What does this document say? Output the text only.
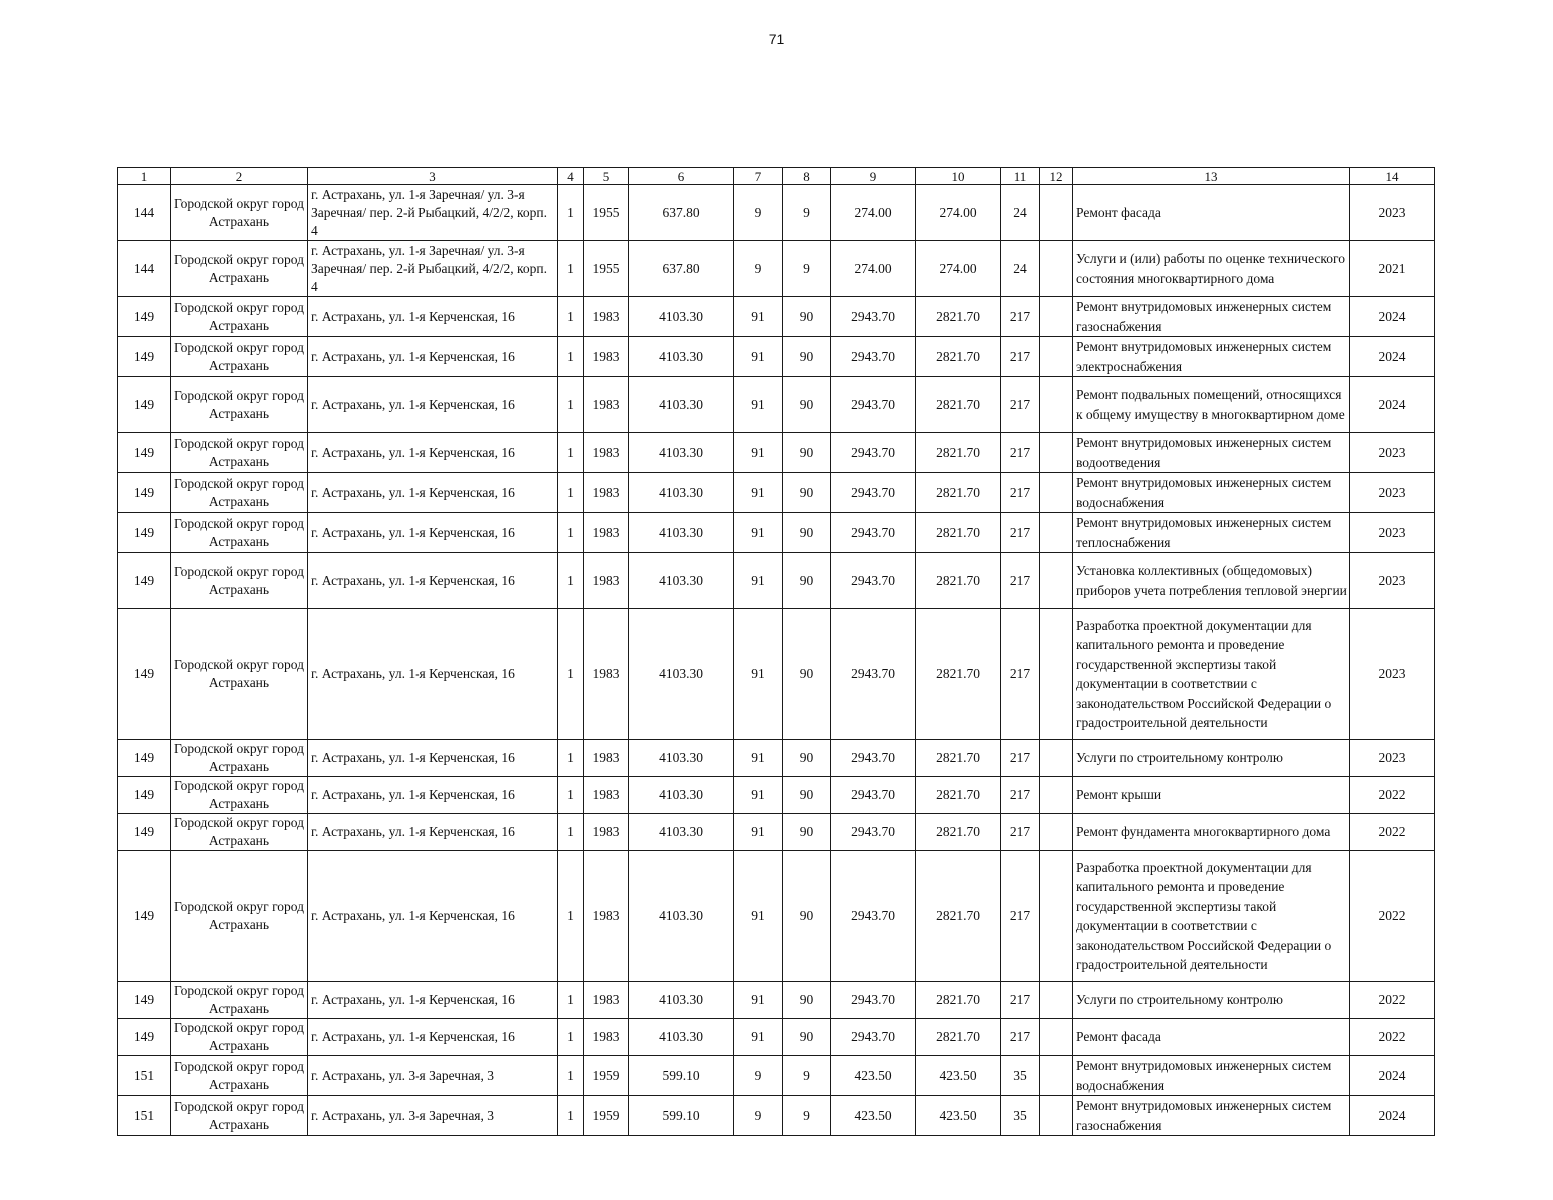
71
1	2	3	4	5	6	7	8	9	10	11	12	13	14
144	Городской округ город Астрахань	г. Астрахань, ул. 1-я Заречная/ ул. 3-я Заречная/ пер. 2-й Рыбацкий, 4/2/2, корп. 4	1	1955	637.80	9	9	274.00	274.00	24		Ремонт фасада	2023
144	Городской округ город Астрахань	г. Астрахань, ул. 1-я Заречная/ ул. 3-я Заречная/ пер. 2-й Рыбацкий, 4/2/2, корп. 4	1	1955	637.80	9	9	274.00	274.00	24		Услуги и (или) работы по оценке технического состояния многоквартирного дома	2021
149	Городской округ город Астрахань	г. Астрахань, ул. 1-я Керченская, 16	1	1983	4103.30	91	90	2943.70	2821.70	217		Ремонт внутридомовых инженерных систем газоснабжения	2024
149	Городской округ город Астрахань	г. Астрахань, ул. 1-я Керченская, 16	1	1983	4103.30	91	90	2943.70	2821.70	217		Ремонт внутридомовых инженерных систем электроснабжения	2024
149	Городской округ город Астрахань	г. Астрахань, ул. 1-я Керченская, 16	1	1983	4103.30	91	90	2943.70	2821.70	217		Ремонт подвальных помещений, относящихся к общему имуществу в многоквартирном доме	2024
149	Городской округ город Астрахань	г. Астрахань, ул. 1-я Керченская, 16	1	1983	4103.30	91	90	2943.70	2821.70	217		Ремонт внутридомовых инженерных систем водоотведения	2023
149	Городской округ город Астрахань	г. Астрахань, ул. 1-я Керченская, 16	1	1983	4103.30	91	90	2943.70	2821.70	217		Ремонт внутридомовых инженерных систем водоснабжения	2023
149	Городской округ город Астрахань	г. Астрахань, ул. 1-я Керченская, 16	1	1983	4103.30	91	90	2943.70	2821.70	217		Ремонт внутридомовых инженерных систем теплоснабжения	2023
149	Городской округ город Астрахань	г. Астрахань, ул. 1-я Керченская, 16	1	1983	4103.30	91	90	2943.70	2821.70	217		Установка коллективных (общедомовых) приборов учета потребления тепловой энергии	2023
149	Городской округ город Астрахань	г. Астрахань, ул. 1-я Керченская, 16	1	1983	4103.30	91	90	2943.70	2821.70	217		Разработка проектной документации для капитального ремонта и проведение государственной экспертизы такой документации в соответствии с законодательством Российской Федерации о градостроительной деятельности	2023
149	Городской округ город Астрахань	г. Астрахань, ул. 1-я Керченская, 16	1	1983	4103.30	91	90	2943.70	2821.70	217		Услуги по строительному контролю	2023
149	Городской округ город Астрахань	г. Астрахань, ул. 1-я Керченская, 16	1	1983	4103.30	91	90	2943.70	2821.70	217		Ремонт крыши	2022
149	Городской округ город Астрахань	г. Астрахань, ул. 1-я Керченская, 16	1	1983	4103.30	91	90	2943.70	2821.70	217		Ремонт фундамента многоквартирного дома	2022
149	Городской округ город Астрахань	г. Астрахань, ул. 1-я Керченская, 16	1	1983	4103.30	91	90	2943.70	2821.70	217		Разработка проектной документации для капитального ремонта и проведение государственной экспертизы такой документации в соответствии с законодательством Российской Федерации о градостроительной деятельности	2022
149	Городской округ город Астрахань	г. Астрахань, ул. 1-я Керченская, 16	1	1983	4103.30	91	90	2943.70	2821.70	217		Услуги по строительному контролю	2022
149	Городской округ город Астрахань	г. Астрахань, ул. 1-я Керченская, 16	1	1983	4103.30	91	90	2943.70	2821.70	217		Ремонт фасада	2022
151	Городской округ город Астрахань	г. Астрахань, ул. 3-я Заречная, 3	1	1959	599.10	9	9	423.50	423.50	35		Ремонт внутридомовых инженерных систем водоснабжения	2024
151	Городской округ город Астрахань	г. Астрахань, ул. 3-я Заречная, 3	1	1959	599.10	9	9	423.50	423.50	35		Ремонт внутридомовых инженерных систем газоснабжения	2024
